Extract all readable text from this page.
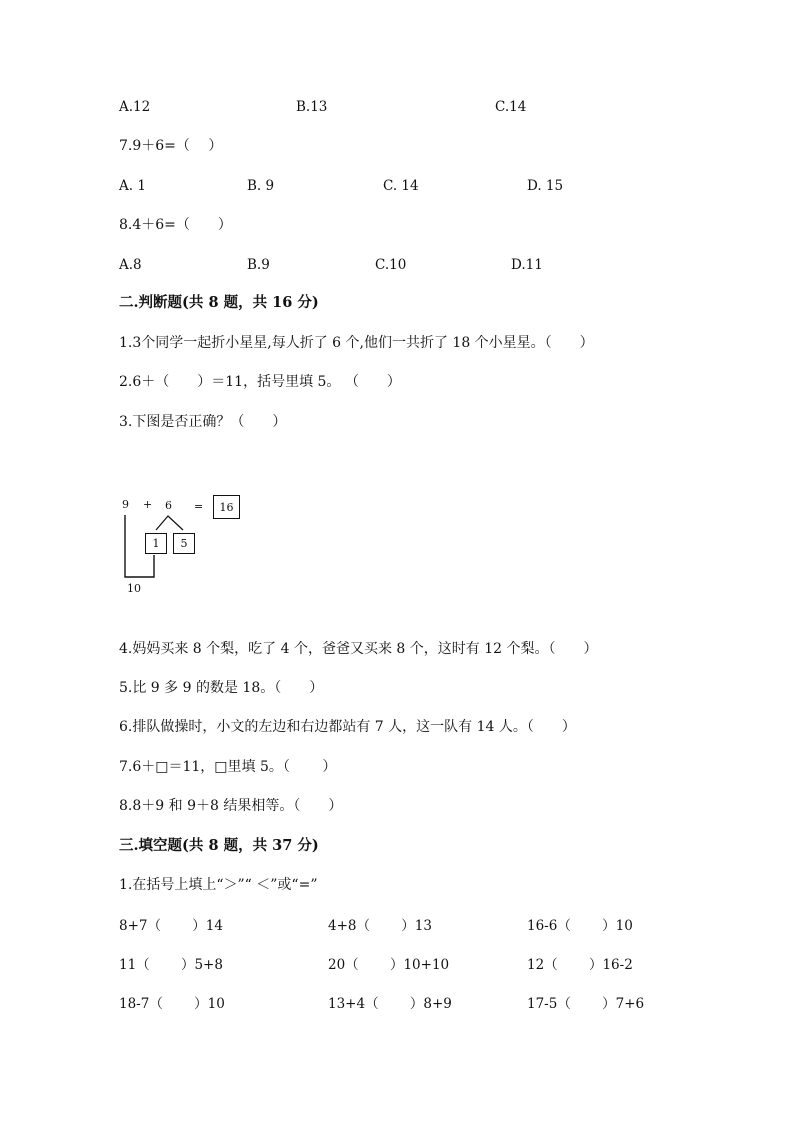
A.12	B.13	C.14
7.9＋6=（　 ）
A. 1	B. 9	C. 14	D. 15
8.4＋6=（　　）
A.8	B.9	C.10	D.11
二.判断题(共 8 题，共 16 分)
1.3个同学一起折小星星,每人折了 6 个,他们一共折了 18 个小星星。（　　）
2.6＋（　　）＝11，括号里填 5。 （　　）
3.下图是否正确？（　　）
9 + 6 = 16
1 5
10
4.妈妈买来 8 个梨，吃了 4 个，爸爸又买来 8 个，这时有 12 个梨。（　　）
5.比 9 多 9 的数是 18。（　　）
6.排队做操时，小文的左边和右边都站有 7 人，这一队有 14 人。（　　）
7.6＋□＝11，□里填 5。（　　 ）
8.8＋9 和 9＋8 结果相等。（　　）
三.填空题(共 8 题，共 37 分)
1.在括号上填上“＞”“ ＜”或“=”
8+7（　　 ）14	4+8（　　 ）13	16-6（　　 ）10
11（　　 ）5+8	20（　　 ）10+10	12（　　 ）16-2
18-7（　　 ）10	13+4（　　 ）8+9	17-5（　　 ）7+6
